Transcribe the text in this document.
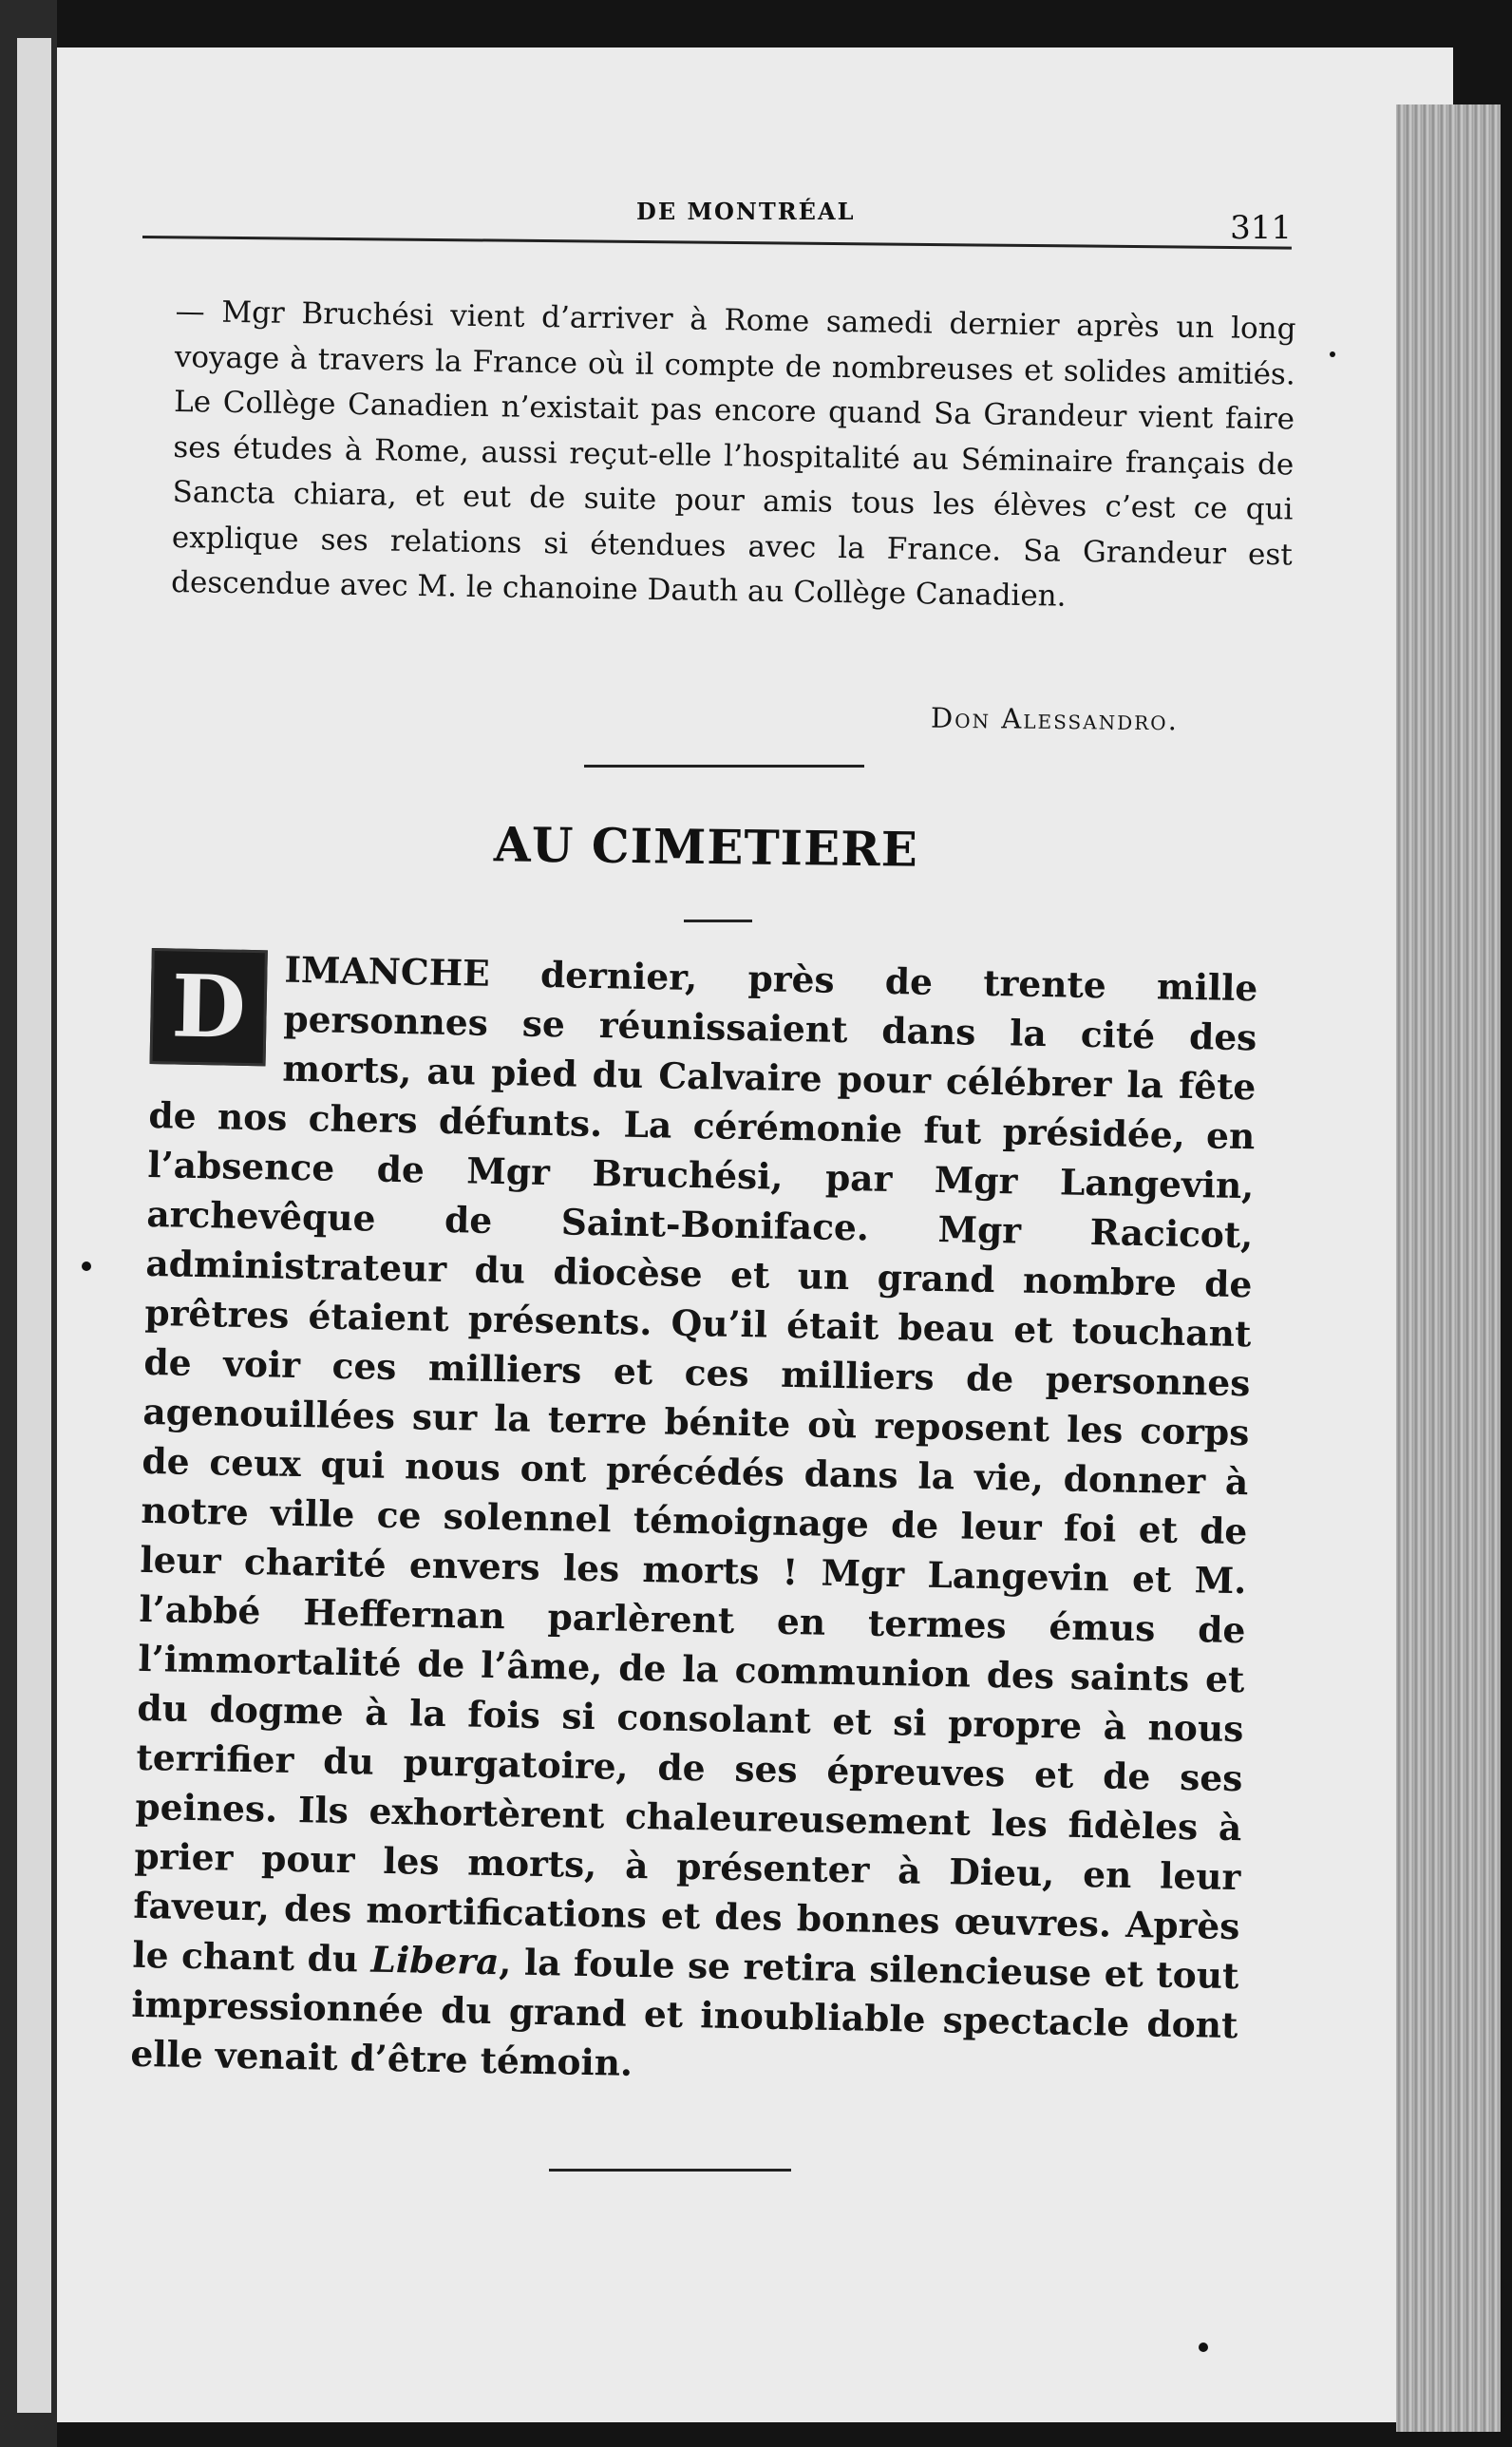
DE MONTRÉAL	311
— Mgr Bruchési vient d’arriver à Rome samedi dernier après un long voyage à travers la France où il compte de nombreuses et solides amitiés. Le Collège Canadien n’existait pas encore quand Sa Grandeur vient faire ses études à Rome, aussi reçut-elle l’hospitalité au Séminaire français de Sancta chiara, et eut de suite pour amis tous les élèves c’est ce qui explique ses relations si étendues avec la France. Sa Grandeur est descendue avec M. le chanoine Dauth au Collège Canadien.
Don Alessandro.
AU CIMETIERE
D	IMANCHE dernier, près de trente mille personnes se réunissaient dans la cité des morts, au pied du Calvaire pour célébrer la fête de nos chers défunts. La cérémonie fut présidée, en l’absence de Mgr Bruchési, par Mgr Langevin, archevêque de Saint-Boniface. Mgr Racicot, administrateur du diocèse et un grand nombre de prêtres étaient présents. Qu’il était beau et touchant de voir ces milliers et ces milliers de personnes agenouillées sur la terre bénite où reposent les corps de ceux qui nous ont précédés dans la vie, donner à notre ville ce solennel témoignage de leur foi et de leur charité envers les morts ! Mgr Langevin et M. l’abbé Heffernan parlèrent en termes émus de l’immortalité de l’âme, de la communion des saints et du dogme à la fois si consolant et si propre à nous terrifier du purgatoire, de ses épreuves et de ses peines. Ils exhortèrent chaleureusement les fidèles à prier pour les morts, à présenter à Dieu, en leur faveur, des mortifications et des bonnes œuvres. Après le chant du Libera, la foule se retira silencieuse et tout impressionnée du grand et inoubliable spectacle dont elle venait d’être témoin.
